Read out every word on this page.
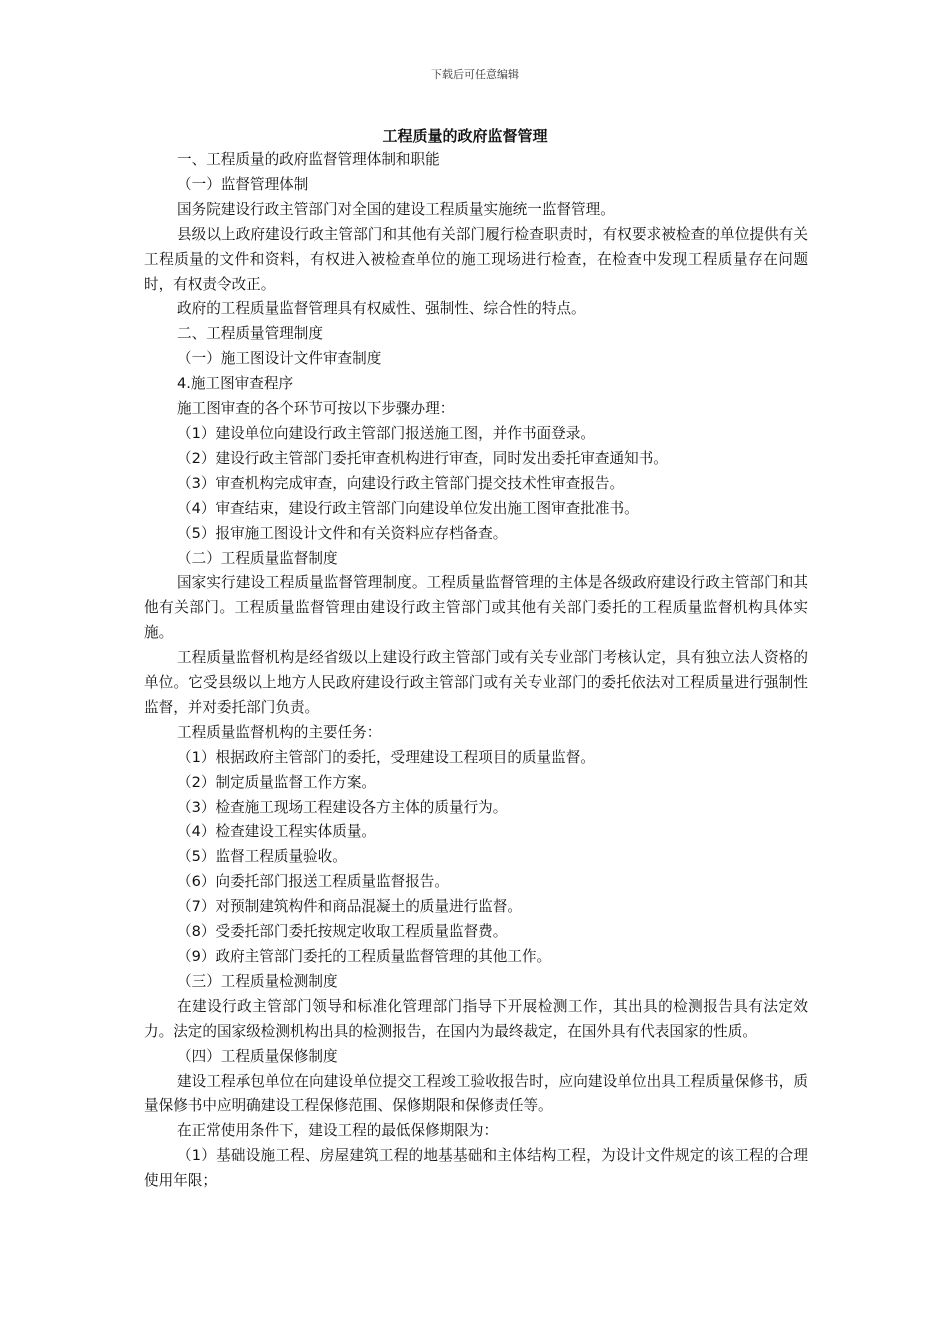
下载后可任意编辑
工程质量的政府监督管理

一、工程质量的政府监督管理体制和职能

（一）监督管理体制

国务院建设行政主管部门对全国的建设工程质量实施统一监督管理。

县级以上政府建设行政主管部门和其他有关部门履行检查职责时，有权要求被检查的单位提供有关工程质量的文件和资料，有权进入被检查单位的施工现场进行检查，在检查中发现工程质量存在问题时，有权责令改正。

政府的工程质量监督管理具有权威性、强制性、综合性的特点。

二、工程质量管理制度

（一）施工图设计文件审查制度

4.施工图审查程序

施工图审查的各个环节可按以下步骤办理：

（1）建设单位向建设行政主管部门报送施工图，并作书面登录。

（2）建设行政主管部门委托审查机构进行审查，同时发出委托审查通知书。

（3）审查机构完成审查，向建设行政主管部门提交技术性审查报告。

（4）审查结束，建设行政主管部门向建设单位发出施工图审查批准书。

（5）报审施工图设计文件和有关资料应存档备查。

（二）工程质量监督制度

国家实行建设工程质量监督管理制度。工程质量监督管理的主体是各级政府建设行政主管部门和其他有关部门。工程质量监督管理由建设行政主管部门或其他有关部门委托的工程质量监督机构具体实施。

工程质量监督机构是经省级以上建设行政主管部门或有关专业部门考核认定，具有独立法人资格的单位。它受县级以上地方人民政府建设行政主管部门或有关专业部门的委托依法对工程质量进行强制性监督，并对委托部门负责。

工程质量监督机构的主要任务：

（1）根据政府主管部门的委托，受理建设工程项目的质量监督。

（2）制定质量监督工作方案。

（3）检查施工现场工程建设各方主体的质量行为。

（4）检查建设工程实体质量。

（5）监督工程质量验收。

（6）向委托部门报送工程质量监督报告。

（7）对预制建筑构件和商品混凝土的质量进行监督。

（8）受委托部门委托按规定收取工程质量监督费。

（9）政府主管部门委托的工程质量监督管理的其他工作。

（三）工程质量检测制度

在建设行政主管部门领导和标准化管理部门指导下开展检测工作，其出具的检测报告具有法定效力。法定的国家级检测机构出具的检测报告，在国内为最终裁定，在国外具有代表国家的性质。

（四）工程质量保修制度

建设工程承包单位在向建设单位提交工程竣工验收报告时，应向建设单位出具工程质量保修书，质量保修书中应明确建设工程保修范围、保修期限和保修责任等。

在正常使用条件下，建设工程的最低保修期限为：

（1）基础设施工程、房屋建筑工程的地基基础和主体结构工程，为设计文件规定的该工程的合理使用年限；
